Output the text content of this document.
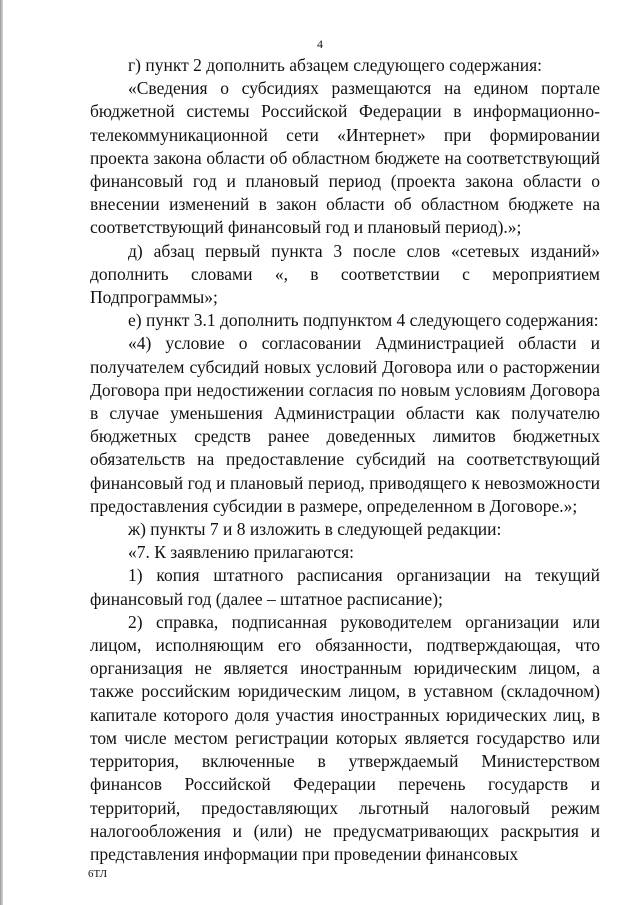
4

г) пункт 2 дополнить абзацем следующего содержания:

«Сведения о субсидиях размещаются на едином портале бюджетной системы Российской Федерации в информационно-телекоммуникационной сети «Интернет» при формировании проекта закона области об областном бюджете на соответствующий финансовый год и плановый период (проекта закона области о внесении изменений в закон области об областном бюджете на соответствующий финансовый год и плановый период).»;

д) абзац первый пункта 3 после слов «сетевых изданий» дополнить словами «, в соответствии с мероприятием Подпрограммы»;

е) пункт 3.1 дополнить подпунктом 4 следующего содержания:

«4) условие о согласовании Администрацией области и получателем субсидий новых условий Договора или о расторжении Договора при недостижении согласия по новым условиям Договора в случае уменьшения Администрации области как получателю бюджетных средств ранее доведенных лимитов бюджетных обязательств на предоставление субсидий на соответствующий финансовый год и плановый период, приводящего к невозможности предоставления субсидии в размере, определенном в Договоре.»;

ж) пункты 7 и 8 изложить в следующей редакции:

«7. К заявлению прилагаются:

1) копия штатного расписания организации на текущий финансовый год (далее – штатное расписание);

2) справка, подписанная руководителем организации или лицом, исполняющим его обязанности, подтверждающая, что организация не является иностранным юридическим лицом, а также российским юридическим лицом, в уставном (складочном) капитале которого доля участия иностранных юридических лиц, в том числе местом регистрации которых является государство или территория, включенные в утверждаемый Министерством финансов Российской Федерации перечень государств и территорий, предоставляющих льготный налоговый режим налогообложения и (или) не предусматривающих раскрытия и представления информации при проведении финансовых

6ТЛ
